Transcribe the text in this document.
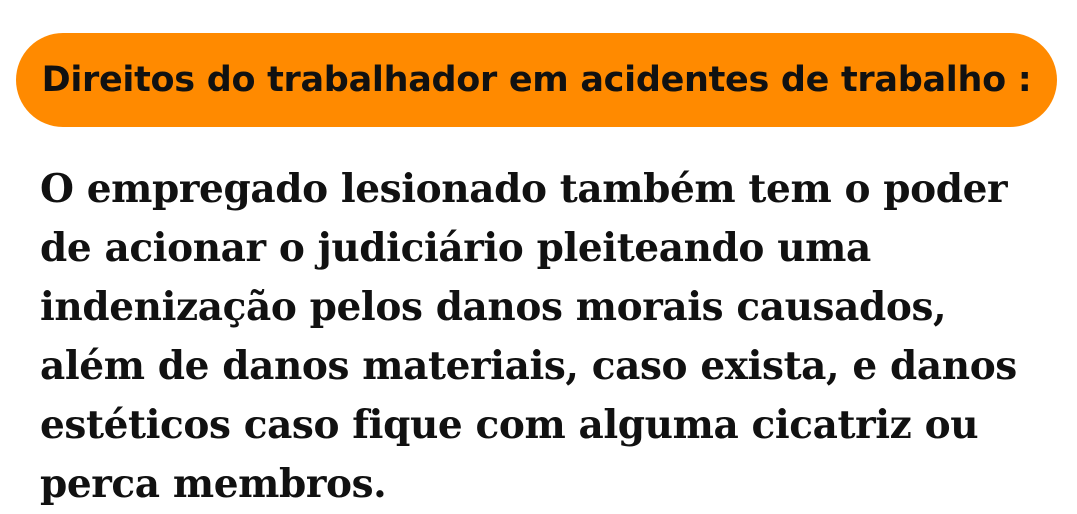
Direitos do trabalhador em acidentes de trabalho :

O empregado lesionado também tem o poder de acionar o judiciário pleiteando uma indenização pelos danos morais causados, além de danos materiais, caso exista, e danos estéticos caso fique com alguma cicatriz ou perca membros.
